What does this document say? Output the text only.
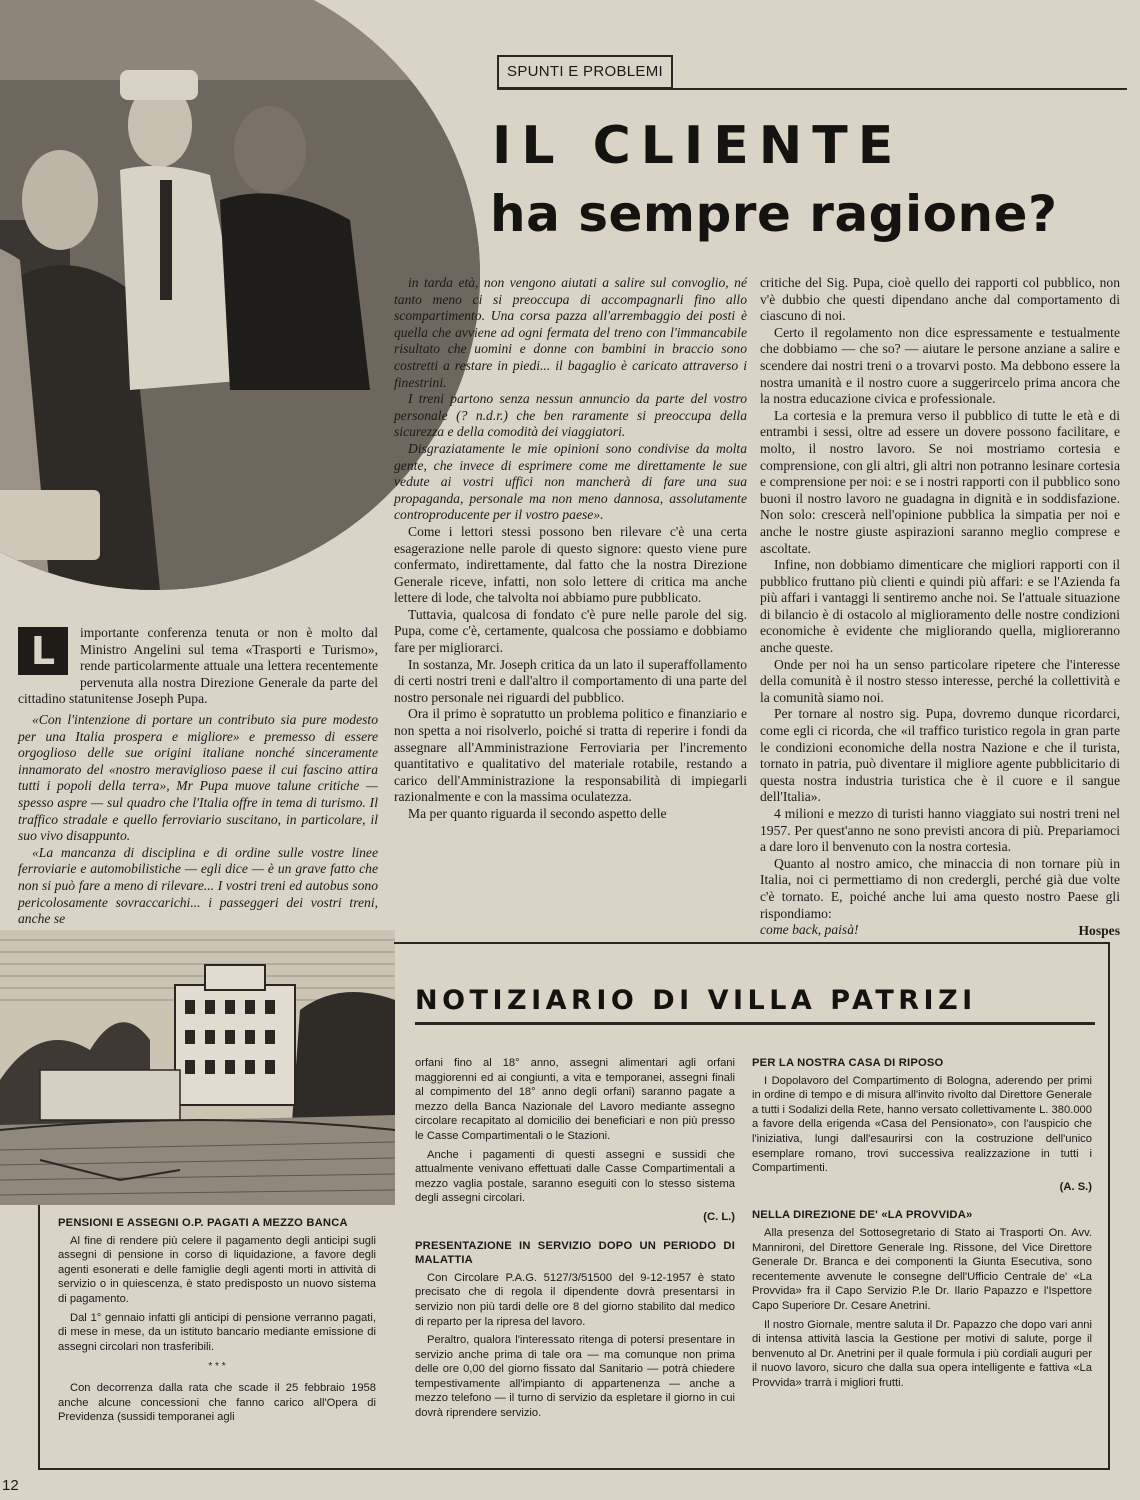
SPUNTI E PROBLEMI
IL CLIENTE
ha sempre ragione?

in tarda età, non vengono aiutati a salire sul convoglio, né tanto meno ci si preoccupa di accompagnarli fino allo scompartimento. Una corsa pazza all'arrembaggio dei posti è quella che avviene ad ogni fermata del treno con l'immancabile risultato che uomini e donne con bambini in braccio sono costretti a restare in piedi... il bagaglio è caricato attraverso i finestrini.

I treni partono senza nessun annuncio da parte del vostro personale (? n.d.r.) che ben raramente si preoccupa della sicurezza e della comodità dei viaggiatori.

Disgraziatamente le mie opinioni sono condivise da molta gente, che invece di esprimere come me direttamente le sue vedute ai vostri uffici non mancherà di fare una sua propaganda, personale ma non meno dannosa, assolutamente controproducente per il vostro paese».

Come i lettori stessi possono ben rilevare c'è una certa esagerazione nelle parole di questo signore: questo viene pure confermato, indirettamente, dal fatto che la nostra Direzione Generale riceve, infatti, non solo lettere di critica ma anche lettere di lode, che talvolta noi abbiamo pure pubblicato.

Tuttavia, qualcosa di fondato c'è pure nelle parole del sig. Pupa, come c'è, certamente, qualcosa che possiamo e dobbiamo fare per migliorarci.

In sostanza, Mr. Joseph critica da un lato il superaffollamento di certi nostri treni e dall'altro il comportamento di una parte del nostro personale nei riguardi del pubblico.

Ora il primo è sopratutto un problema politico e finanziario e non spetta a noi risolverlo, poiché si tratta di reperire i fondi da assegnare all'Amministrazione Ferroviaria per l'incremento quantitativo e qualitativo del materiale rotabile, restando a carico dell'Amministrazione la responsabilità di impiegarli razionalmente e con la massima oculatezza.

Ma per quanto riguarda il secondo aspetto delle

critiche del Sig. Pupa, cioè quello dei rapporti col pubblico, non v'è dubbio che questi dipendano anche dal comportamento di ciascuno di noi.

Certo il regolamento non dice espressamente e testualmente che dobbiamo — che so? — aiutare le persone anziane a salire e scendere dai nostri treni o a trovarvi posto. Ma debbono essere la nostra umanità e il nostro cuore a suggerircelo prima ancora che la nostra educazione civica e professionale.

La cortesia e la premura verso il pubblico di tutte le età e di entrambi i sessi, oltre ad essere un dovere possono facilitare, e molto, il nostro lavoro. Se noi mostriamo cortesia e comprensione, con gli altri, gli altri non potranno lesinare cortesia e comprensione per noi: e se i nostri rapporti con il pubblico sono buoni il nostro lavoro ne guadagna in dignità e in soddisfazione. Non solo: crescerà nell'opinione pubblica la simpatia per noi e anche le nostre giuste aspirazioni saranno meglio comprese e ascoltate.

Infine, non dobbiamo dimenticare che migliori rapporti con il pubblico fruttano più clienti e quindi più affari: e se l'Azienda fa più affari i vantaggi li sentiremo anche noi. Se l'attuale situazione di bilancio è di ostacolo al miglioramento delle nostre condizioni economiche è evidente che migliorando quella, miglioreranno anche queste.

Onde per noi ha un senso particolare ripetere che l'interesse della comunità è il nostro stesso interesse, perché la collettività e la comunità siamo noi.

Per tornare al nostro sig. Pupa, dovremo dunque ricordarci, come egli ci ricorda, che «il traffico turistico regola in gran parte le condizioni economiche della nostra Nazione e che il turista, tornato in patria, può diventare il migliore agente pubblicitario di questa nostra industria turistica che è il cuore e il sangue dell'Italia».

4 milioni e mezzo di turisti hanno viaggiato sui nostri treni nel 1957. Per quest'anno ne sono previsti ancora di più. Prepariamoci a dare loro il benvenuto con la nostra cortesia.

Quanto al nostro amico, che minaccia di non tornare più in Italia, noi ci permettiamo di non credergli, perché già due volte c'è tornato. E, poiché anche lui ama questo nostro Paese gli rispondiamo:

come back, paisà!	Hospes

L	importante conferenza tenuta or non è molto dal Ministro Angelini sul tema «Trasporti e Turismo», rende particolarmente attuale una lettera recentemente pervenuta alla nostra Direzione Generale da parte del cittadino statunitense Joseph Pupa.

«Con l'intenzione di portare un contributo sia pure modesto per una Italia prospera e migliore» e premesso di essere orgoglioso delle sue origini italiane nonché sinceramente innamorato del «nostro meraviglioso paese il cui fascino attira tutti i popoli della terra», Mr Pupa muove talune critiche — spesso aspre — sul quadro che l'Italia offre in tema di turismo. Il traffico stradale e quello ferroviario suscitano, in particolare, il suo vivo disappunto.

«La mancanza di disciplina e di ordine sulle vostre linee ferroviarie e automobilistiche — egli dice — è un grave fatto che non si può fare a meno di rilevare... I vostri treni ed autobus sono pericolosamente sovraccarichi... i passeggeri dei vostri treni, anche se

NOTIZIARIO DI VILLA PATRIZI
PENSIONI E ASSEGNI O.P. PAGATI A MEZZO BANCA

Al fine di rendere più celere il pagamento degli anticipi sugli assegni di pensione in corso di liquidazione, a favore degli agenti esonerati e delle famiglie degli agenti morti in attività di servizio o in quiescenza, è stato predisposto un nuovo sistema di pagamento.

Dal 1° gennaio infatti gli anticipi di pensione verranno pagati, di mese in mese, da un istituto bancario mediante emissione di assegni circolari non trasferibili.

* * *

Con decorrenza dalla rata che scade il 25 febbraio 1958 anche alcune concessioni che fanno carico all'Opera di Previdenza (sussidi temporanei agli

orfani fino al 18° anno, assegni alimentari agli orfani maggiorenni ed ai congiunti, a vita e temporanei, assegni finali al compimento del 18° anno degli orfani) saranno pagate a mezzo della Banca Nazionale del Lavoro mediante assegno circolare recapitato al domicilio dei beneficiari e non più presso le Casse Compartimentali o le Stazioni.

Anche i pagamenti di questi assegni e sussidi che attualmente venivano effettuati dalle Casse Compartimentali a mezzo vaglia postale, saranno eseguiti con lo stesso sistema degli assegni circolari.

(C. L.)

PRESENTAZIONE IN SERVIZIO DOPO UN PERIODO DI MALATTIA

Con Circolare P.A.G. 5127/3/51500 del 9-12-1957 è stato precisato che di regola il dipendente dovrà presentarsi in servizio non più tardi delle ore 8 del giorno stabilito dal medico di reparto per la ripresa del lavoro.

Peraltro, qualora l'interessato ritenga di potersi presentare in servizio anche prima di tale ora — ma comunque non prima delle ore 0,00 del giorno fissato dal Sanitario — potrà chiedere tempestivamente all'impianto di appartenenza — anche a mezzo telefono — il turno di servizio da espletare il giorno in cui dovrà riprendere servizio.

PER LA NOSTRA CASA DI RIPOSO

I Dopolavoro del Compartimento di Bologna, aderendo per primi in ordine di tempo e di misura all'invito rivolto dal Direttore Generale a tutti i Sodalizi della Rete, hanno versato collettivamente L. 380.000 a favore della erigenda «Casa del Pensionato», con l'auspicio che l'iniziativa, lungi dall'esaurirsi con la costruzione dell'unico esemplare romano, trovi successiva realizzazione in tutti i Compartimenti.

(A. S.)

NELLA DIREZIONE DE' «LA PROVVIDA»

Alla presenza del Sottosegretario di Stato ai Trasporti On. Avv. Mannironi, del Direttore Generale Ing. Rissone, del Vice Direttore Generale Dr. Branca e dei componenti la Giunta Esecutiva, sono recentemente avvenute le consegne dell'Ufficio Centrale de' «La Provvida» fra il Capo Servizio P.le Dr. Ilario Papazzo e l'Ispettore Capo Superiore Dr. Cesare Anetrini.

Il nostro Giornale, mentre saluta il Dr. Papazzo che dopo vari anni di intensa attività lascia la Gestione per motivi di salute, porge il benvenuto al Dr. Anetrini per il quale formula i più cordiali auguri per il nuovo lavoro, sicuro che dalla sua opera intelligente e fattiva «La Provvida» trarrà i migliori frutti.

12
